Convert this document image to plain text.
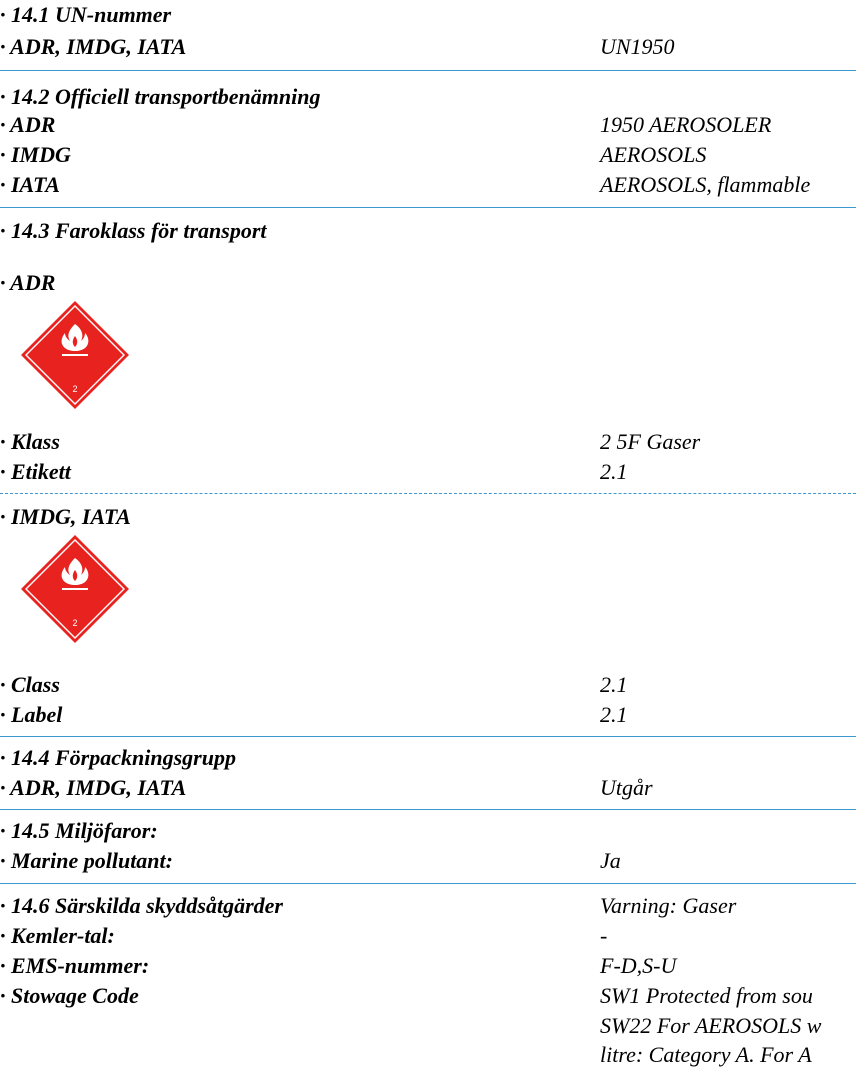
· 14.1 UN-nummer
· ADR, IMDG, IATA	UN1950
· 14.2 Officiell transportbenämning
· ADR	1950 AEROSOLER
· IMDG	AEROSOLS
· IATA	AEROSOLS, flammable
· 14.3 Faroklass för transport
· ADR
2
· Klass	2 5F Gaser
· Etikett	2.1
· IMDG, IATA
2
· Class	2.1
· Label	2.1
· 14.4 Förpackningsgrupp
· ADR, IMDG, IATA	Utgår
· 14.5 Miljöfaror:
· Marine pollutant:	Ja
· 14.6 Särskilda skyddsåtgärder	Varning: Gaser
· Kemler-tal:	-
· EMS-nummer:	F-D,S-U
· Stowage Code	SW1 Protected from sou
SW22 For AEROSOLS w
litre: Category A. For A
